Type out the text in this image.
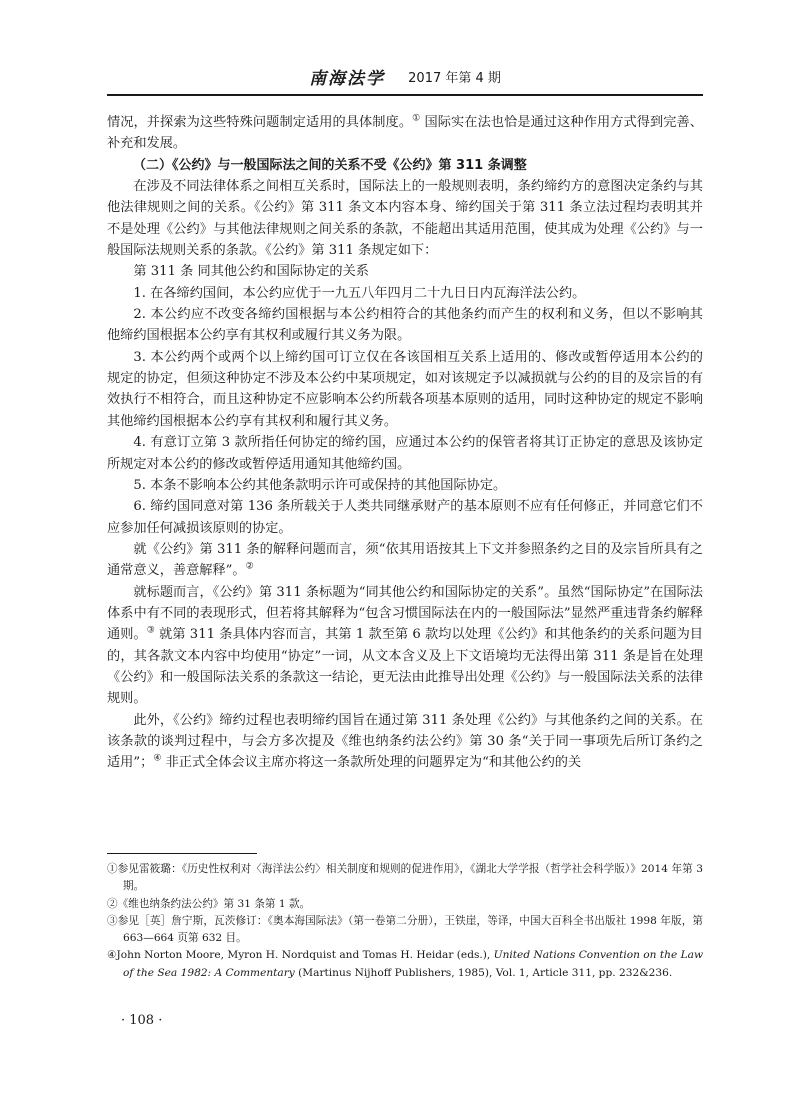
南海法学 2017 年第 4 期

情况，并探索为这些特殊问题制定适用的具体制度。① 国际实在法也恰是通过这种作用方式得到完善、补充和发展。

（二）《公约》与一般国际法之间的关系不受《公约》第 311 条调整

在涉及不同法律体系之间相互关系时，国际法上的一般规则表明，条约缔约方的意图决定条约与其他法律规则之间的关系。《公约》第 311 条文本内容本身、缔约国关于第 311 条立法过程均表明其并不是处理《公约》与其他法律规则之间关系的条款，不能超出其适用范围，使其成为处理《公约》与一般国际法规则关系的条款。《公约》第 311 条规定如下：

第 311 条 同其他公约和国际协定的关系

1. 在各缔约国间，本公约应优于一九五八年四月二十九日日内瓦海洋法公约。

2. 本公约应不改变各缔约国根据与本公约相符合的其他条约而产生的权利和义务，但以不影响其他缔约国根据本公约享有其权利或履行其义务为限。

3. 本公约两个或两个以上缔约国可订立仅在各该国相互关系上适用的、修改或暂停适用本公约的规定的协定，但须这种协定不涉及本公约中某项规定，如对该规定予以减损就与公约的目的及宗旨的有效执行不相符合，而且这种协定不应影响本公约所载各项基本原则的适用，同时这种协定的规定不影响其他缔约国根据本公约享有其权利和履行其义务。

4. 有意订立第 3 款所指任何协定的缔约国，应通过本公约的保管者将其订正协定的意思及该协定所规定对本公约的修改或暂停适用通知其他缔约国。

5. 本条不影响本公约其他条款明示许可或保持的其他国际协定。

6. 缔约国同意对第 136 条所载关于人类共同继承财产的基本原则不应有任何修正，并同意它们不应参加任何减损该原则的协定。

就《公约》第 311 条的解释问题而言，须“依其用语按其上下文并参照条约之目的及宗旨所具有之通常意义，善意解释”。②

就标题而言，《公约》第 311 条标题为“同其他公约和国际协定的关系”。虽然“国际协定”在国际法体系中有不同的表现形式，但若将其解释为“包含习惯国际法在内的一般国际法”显然严重违背条约解释通则。③ 就第 311 条具体内容而言，其第 1 款至第 6 款均以处理《公约》和其他条约的关系问题为目的，其各款文本内容中均使用“协定”一词，从文本含义及上下文语境均无法得出第 311 条是旨在处理《公约》和一般国际法关系的条款这一结论，更无法由此推导出处理《公约》与一般国际法关系的法律规则。

此外，《公约》缔约过程也表明缔约国旨在通过第 311 条处理《公约》与其他条约之间的关系。在该条款的谈判过程中，与会方多次提及《维也纳条约法公约》第 30 条“关于同一事项先后所订条约之适用”；④ 非正式全体会议主席亦将这一条款所处理的问题界定为“和其他公约的关

①参见雷筱璐：《历史性权利对〈海洋法公约〉相关制度和规则的促进作用》，《湖北大学学报（哲学社会科学版）》2014 年第 3 期。

②《维也纳条约法公约》第 31 条第 1 款。

③参见［英］詹宁斯，瓦茨修订：《奥本海国际法》（第一卷第二分册），王铁崖，等译，中国大百科全书出版社 1998 年版，第 663—664 页第 632 目。

④John Norton Moore, Myron H. Nordquist and Tomas H. Heidar (eds.), United Nations Convention on the Law of the Sea 1982: A Commentary (Martinus Nijhoff Publishers, 1985), Vol. 1, Article 311, pp. 232&236.

· 108 ·
